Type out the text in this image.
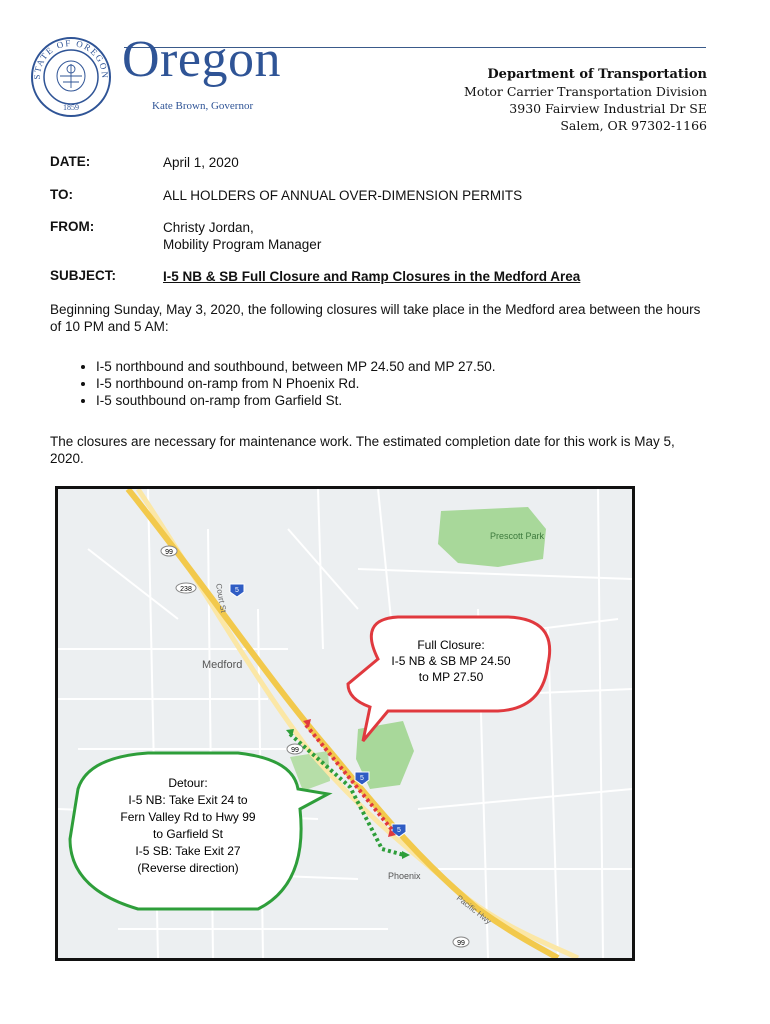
STATE OF OREGON
1859
Oregon
Kate Brown, Governor
Department of Transportation
Motor Carrier Transportation Division
3930 Fairview Industrial Dr SE
Salem, OR 97302-1166
DATE:	April 1, 2020
TO:	ALL HOLDERS OF ANNUAL OVER-DIMENSION PERMITS
FROM:	Christy Jordan,
Mobility Program Manager
SUBJECT:	I-5 NB & SB Full Closure and Ramp Closures in the Medford Area
Beginning Sunday, May 3, 2020, the following closures will take place in the Medford area between the hours of 10 PM and 5 AM:
• I-5 northbound and southbound, between MP 24.50 and MP 27.50.
• I-5 northbound on-ramp from N Phoenix Rd.
• I-5 southbound on-ramp from Garfield St.
The closures are necessary for maintenance work. The estimated completion date for this work is May 5, 2020.
Medford
Phoenix
Prescott Park
Court St
Pacific Hwy
99
238	5
99
5
5
99
Full Closure:
I-5 NB & SB MP 24.50
to MP 27.50
Detour:
I-5 NB: Take Exit 24 to
Fern Valley Rd to Hwy 99
to Garfield St
I-5 SB: Take Exit 27
(Reverse direction)
